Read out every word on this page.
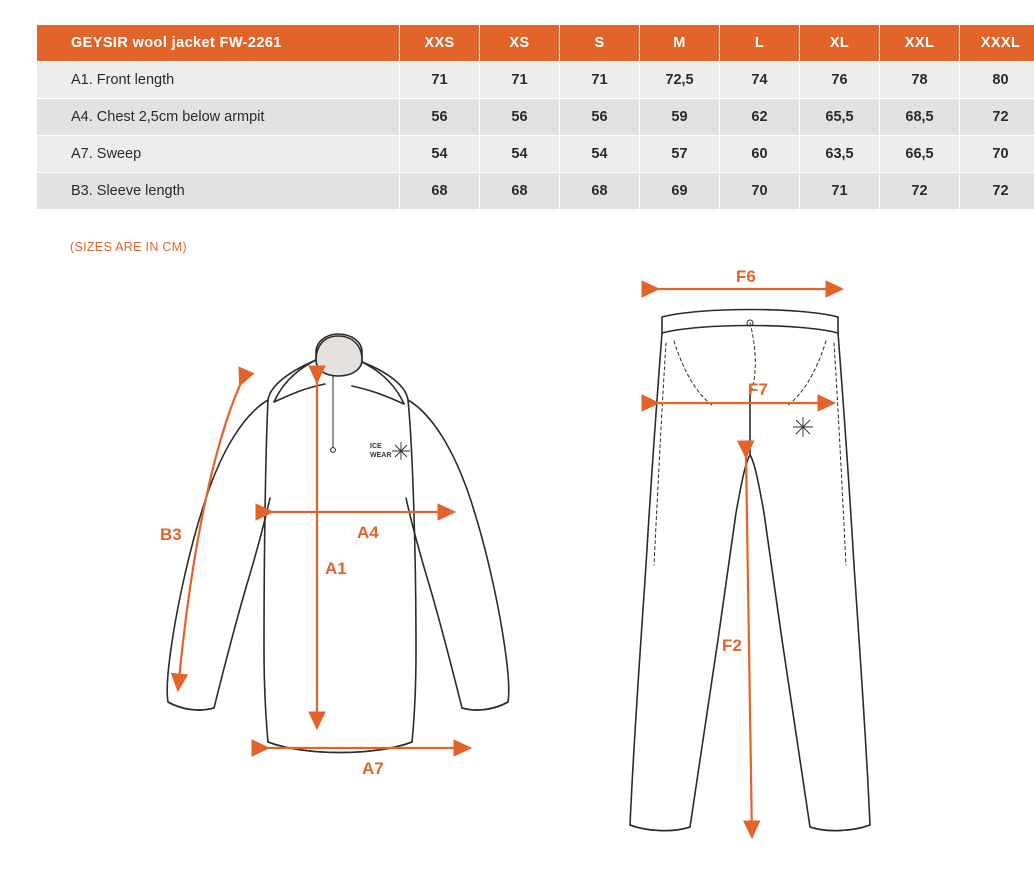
GEYSIR wool jacket FW-2261	XXS	XS	S	M	L	XL	XXL	XXXL
A1. Front length	71	71	71	72,5	74	76	78	80
A4. Chest 2,5cm below armpit	56	56	56	59	62	65,5	68,5	72
A7. Sweep	54	54	54	57	60	63,5	66,5	70
B3. Sleeve length	68	68	68	69	70	71	72	72
(SIZES ARE IN CM)
ICE
WEAR
B3	A4
A1
A7
F6
F7
F2
